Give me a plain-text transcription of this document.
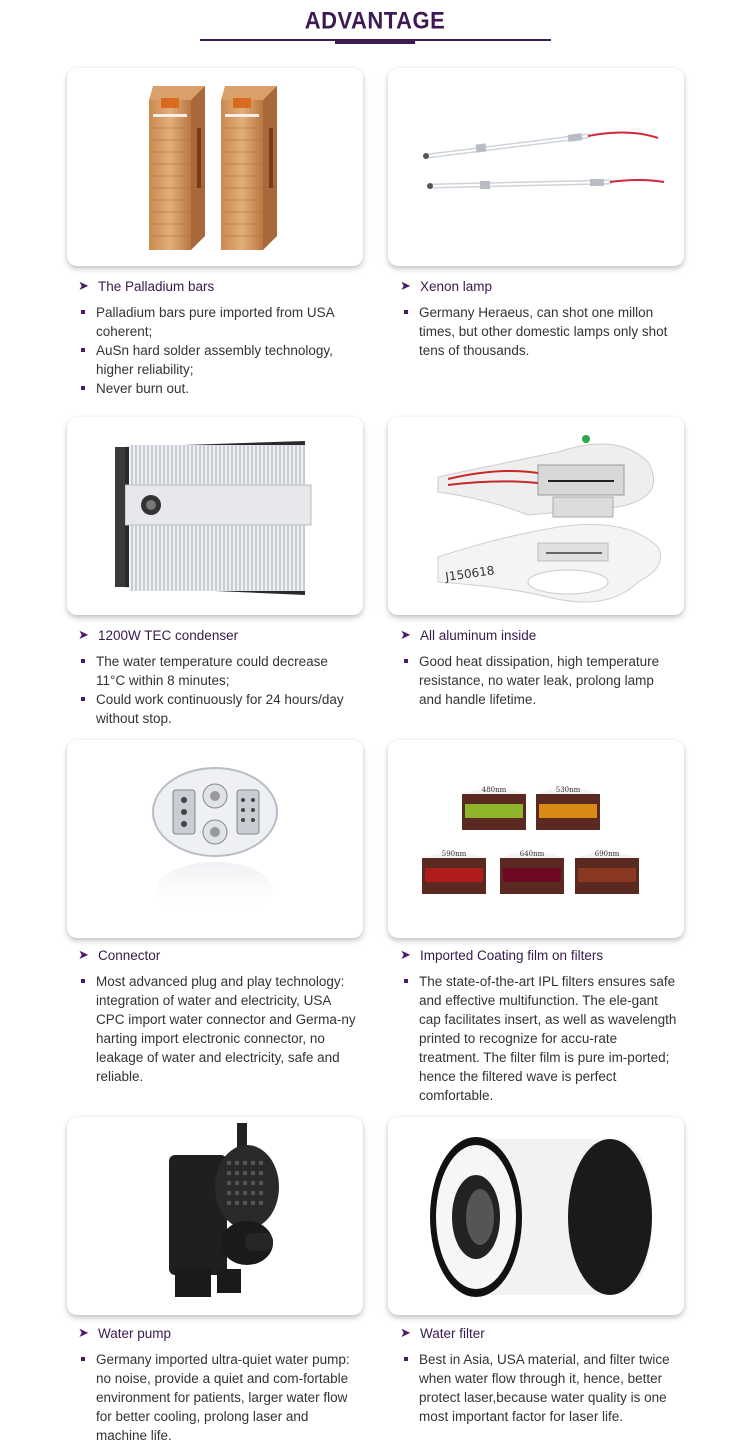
ADVANTAGE
➤ The Palladium bars
Palladium bars pure imported from USA coherent;
AuSn hard solder assembly technology, higher reliability;
Never burn out.
➤ Xenon lamp
Germany Heraeus, can shot one millon times, but other domestic lamps only shot tens of thousands.
J150618
➤ 1200W TEC condenser
The water temperature could decrease 11°C within 8 minutes;
Could work continuously for 24 hours/day without stop.
➤ All aluminum inside
Good heat dissipation, high temperature resistance, no water leak, prolong lamp and handle lifetime.
480nm	530nm
590nm	640nm	690nm
➤ Connector
Most advanced plug and play technology: integration of water and electricity, USA CPC import water connector and Germa-ny harting import electronic connector, no leakage of water and electricity, safe and reliable.
➤ Imported Coating film on filters
The state-of-the-art IPL filters ensures safe and effective multifunction. The ele-gant cap facilitates insert, as well as wavelength printed to recognize for accu-rate treatment. The filter film is pure im-ported; hence the filtered wave is perfect comfortable.
➤ Water pump
Germany imported ultra-quiet water pump: no noise, provide a quiet and com-fortable environment for patients, larger water flow for better cooling, prolong laser and machine life.
➤ Water filter
Best in Asia, USA material, and filter twice when water flow through it, hence, better protect laser,because water quality is one most important factor for laser life.
